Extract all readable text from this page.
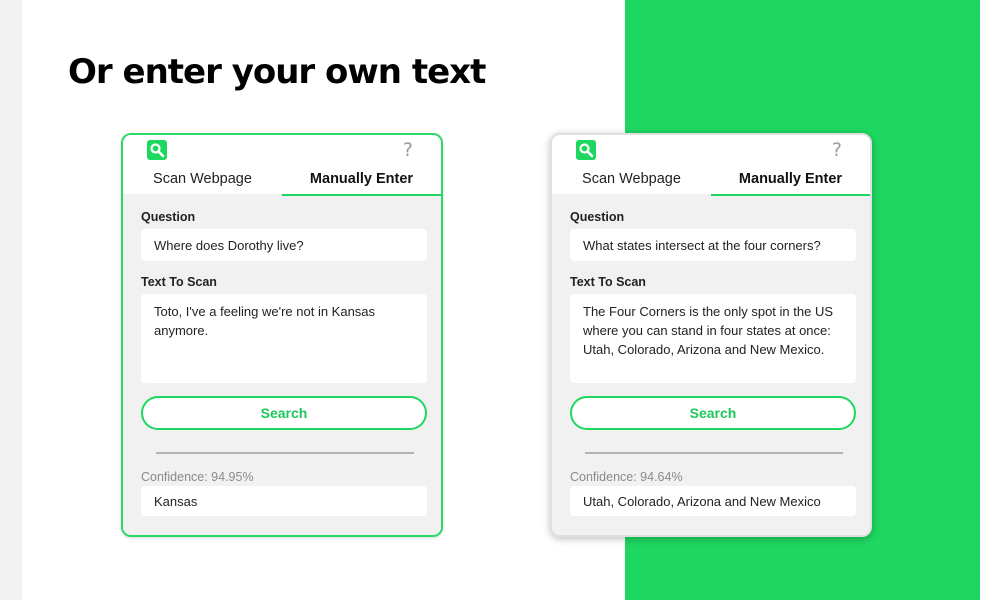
Or enter your own text
?
Scan Webpage	Manually Enter
Question
Where does Dorothy live?
Text To Scan
Toto, I've a feeling we're not in Kansas anymore.
Search
Confidence: 94.95%
Kansas
?
Scan Webpage	Manually Enter
Question
What states intersect at the four corners?
Text To Scan
The Four Corners is the only spot in the US where you can stand in four states at once: Utah, Colorado, Arizona and New Mexico.
Search
Confidence: 94.64%
Utah, Colorado, Arizona and New Mexico
